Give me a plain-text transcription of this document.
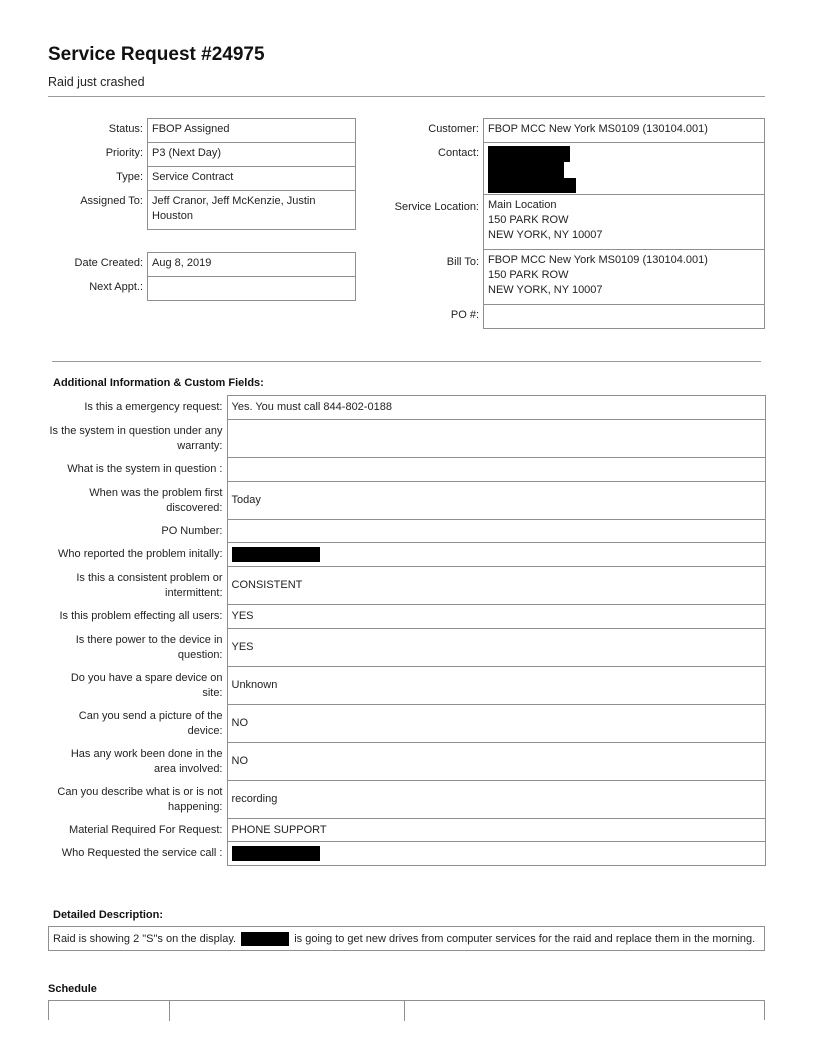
Service Request #24975
Raid just crashed
Status: FBOP Assigned
Priority: P3 (Next Day)
Type: Service Contract
Assigned To: Jeff Cranor, Jeff McKenzie, Justin Houston
Date Created: Aug 8, 2019
Next Appt.:
Customer: FBOP MCC New York MS0109 (130104.001)
Contact:
Service Location: Main Location
150 PARK ROW
NEW YORK, NY 10007
Bill To: FBOP MCC New York MS0109 (130104.001)
150 PARK ROW
NEW YORK, NY 10007
PO #:
Additional Information & Custom Fields:
Is this a emergency request:	Yes. You must call 844-802-0188
Is the system in question under any warranty:	
What is the system in question :	
When was the problem first discovered:	Today
PO Number:	
Who reported the problem initally:	
Is this a consistent problem or intermittent:	CONSISTENT
Is this problem effecting all users:	YES
Is there power to the device in question:	YES
Do you have a spare device on site:	Unknown
Can you send a picture of the device:	NO
Has any work been done in the area involved:	NO
Can you describe what is or is not happening:	recording
Material Required For Request:	PHONE SUPPORT
Who Requested the service call :	
Detailed Description:
Raid is showing 2 "S"s on the display.	is going to get new drives from computer services for the raid and replace them in the morning.
Schedule
